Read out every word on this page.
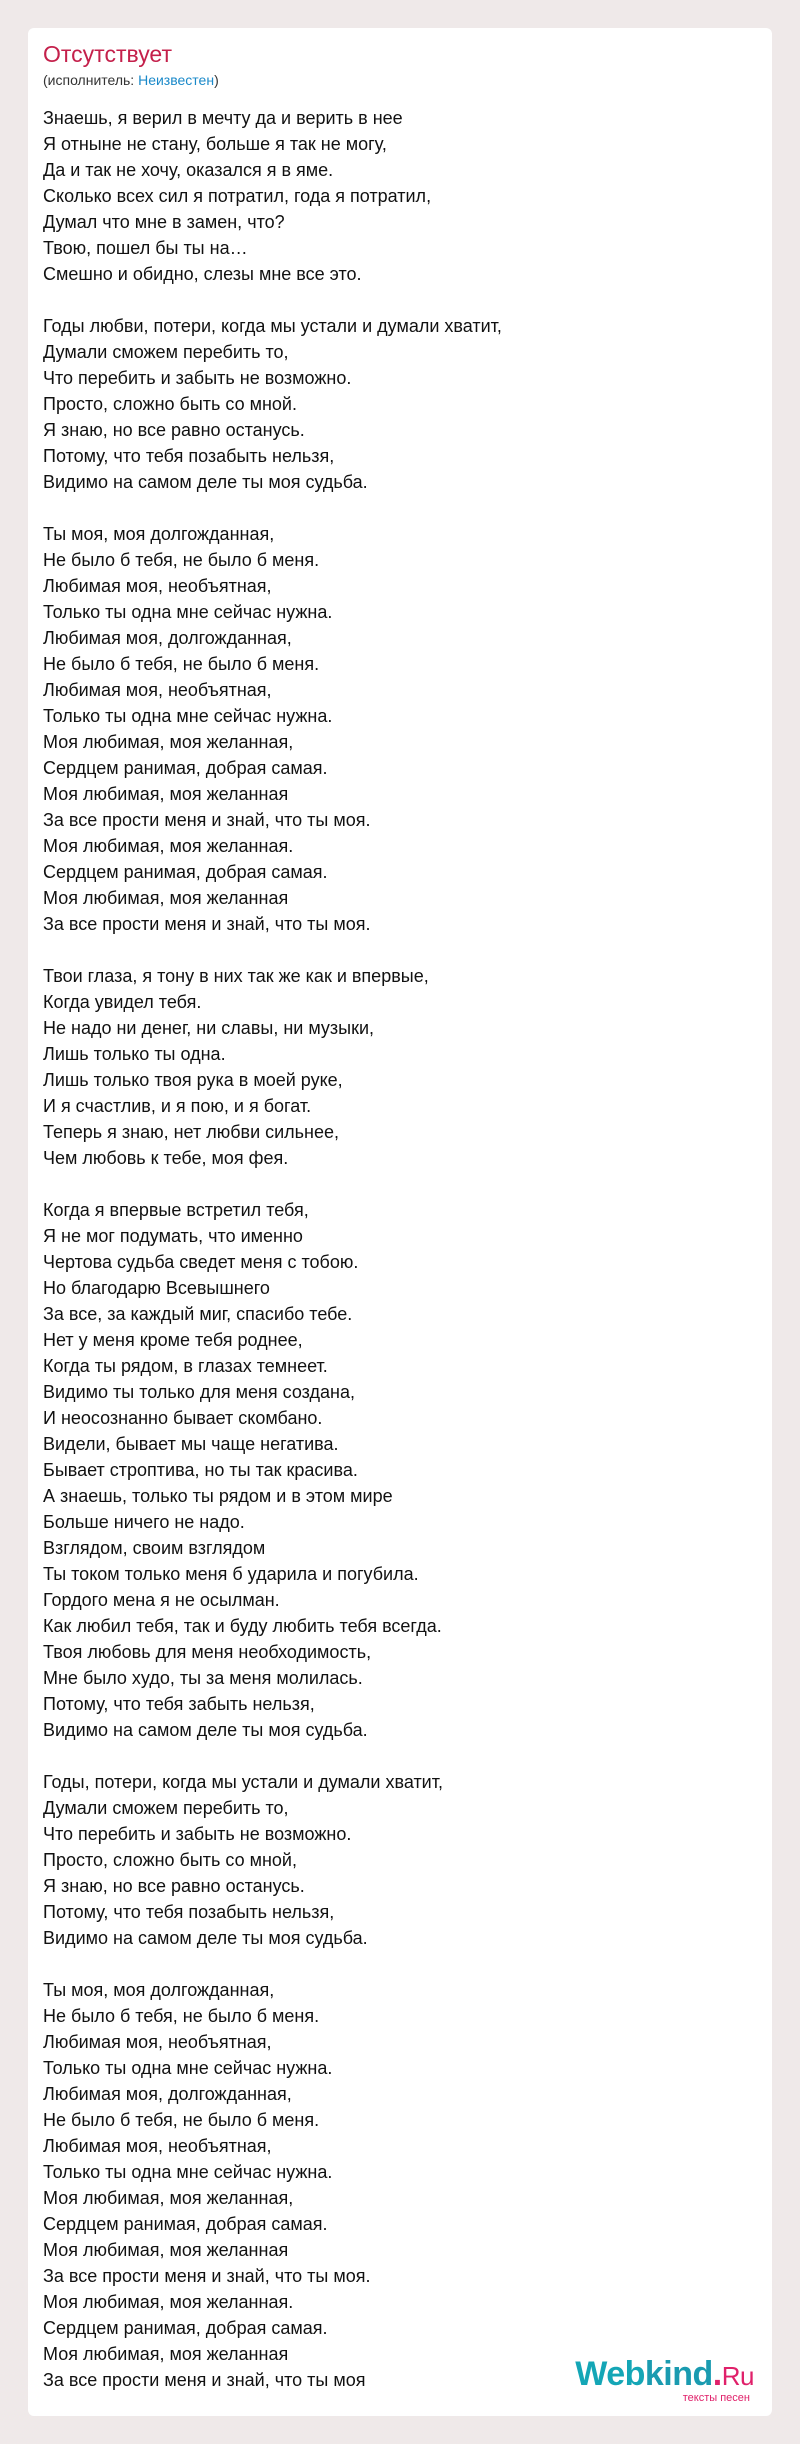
Отсутствует
(исполнитель: Неизвестен)
Знаешь, я верил в мечту да и верить в нее
Я отныне не стану, больше я так не могу,
Да и так не хочу, оказался я в яме.
Сколько всех сил я потратил, года я потратил,
Думал что мне в замен, что?
Твою, пошел бы ты на…
Смешно и обидно, слезы мне все это.
Годы любви, потери, когда мы устали и думали хватит,
Думали сможем перебить то,
Что перебить и забыть не возможно.
Просто, сложно быть со мной.
Я знаю, но все равно останусь.
Потому, что тебя позабыть нельзя,
Видимо на самом деле ты моя судьба.
Ты моя, моя долгожданная,
Не было б тебя, не было б меня.
Любимая моя, необъятная,
Только ты одна мне сейчас нужна.
Любимая моя, долгожданная,
Не было б тебя, не было б меня.
Любимая моя, необъятная,
Только ты одна мне сейчас нужна.
Моя любимая, моя желанная,
Сердцем ранимая, добрая самая.
Моя любимая, моя желанная
За все прости меня и знай, что ты моя.
Моя любимая, моя желанная.
Сердцем ранимая, добрая самая.
Моя любимая, моя желанная
За все прости меня и знай, что ты моя.
Твои глаза, я тону в них так же как и впервые,
Когда увидел тебя.
Не надо ни денег, ни славы, ни музыки,
Лишь только ты одна.
Лишь только твоя рука в моей руке,
И я счастлив, и я пою, и я богат.
Теперь я знаю, нет любви сильнее,
Чем любовь к тебе, моя фея.
Когда я впервые встретил тебя,
Я не мог подумать, что именно
Чертова судьба сведет меня с тобою.
Но благодарю Всевышнего
За все, за каждый миг, спасибо тебе.
Нет у меня кроме тебя роднее,
Когда ты рядом, в глазах темнеет.
Видимо ты только для меня создана,
И неосознанно бывает скомбано.
Видели, бывает мы чаще негатива.
Бывает строптива, но ты так красива.
А знаешь, только ты рядом и в этом мире
Больше ничего не надо.
Взглядом, своим взглядом
Ты током только меня б ударила и погубила.
Гордого мена я не осылман.
Как любил тебя, так и буду любить тебя всегда.
Твоя любовь для меня необходимость,
Мне было худо, ты за меня молилась.
Потому, что тебя забыть нельзя,
Видимо на самом деле ты моя судьба.
Годы, потери, когда мы устали и думали хватит,
Думали сможем перебить то,
Что перебить и забыть не возможно.
Просто, сложно быть со мной,
Я знаю, но все равно останусь.
Потому, что тебя позабыть нельзя,
Видимо на самом деле ты моя судьба.
Ты моя, моя долгожданная,
Не было б тебя, не было б меня.
Любимая моя, необъятная,
Только ты одна мне сейчас нужна.
Любимая моя, долгожданная,
Не было б тебя, не было б меня.
Любимая моя, необъятная,
Только ты одна мне сейчас нужна.
Моя любимая, моя желанная,
Сердцем ранимая, добрая самая.
Моя любимая, моя желанная
За все прости меня и знай, что ты моя.
Моя любимая, моя желанная.
Сердцем ранимая, добрая самая.
Моя любимая, моя желанная
За все прости меня и знай, что ты моя	Webkind.Ru
тексты песен
